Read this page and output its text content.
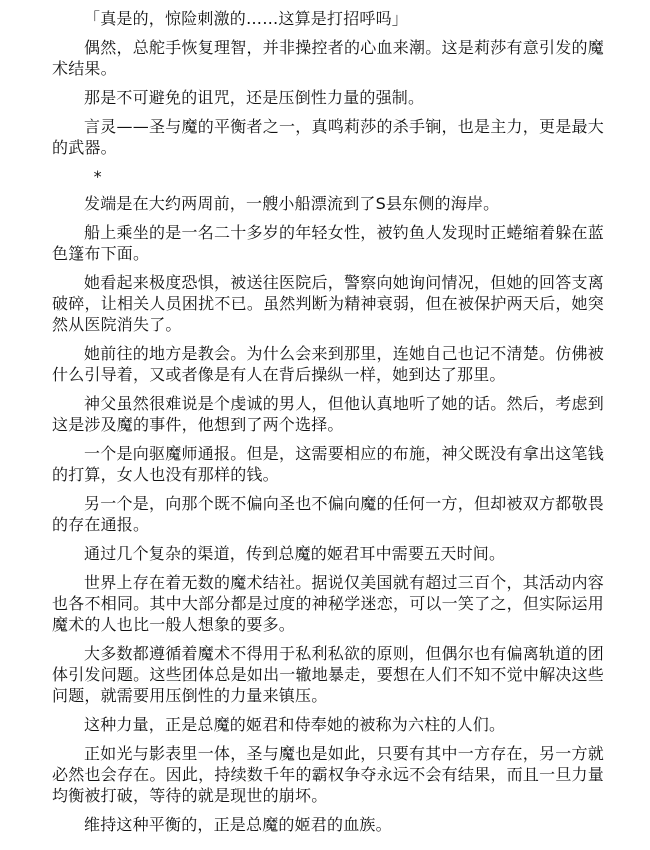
「真是的，惊险刺激的……这算是打招呼吗」

偶然，总舵手恢复理智，并非操控者的心血来潮。这是莉莎有意引发的魔术结果。

那是不可避免的诅咒，还是压倒性力量的强制。

言灵——圣与魔的平衡者之一，真鸣莉莎的杀手锏，也是主力，更是最大的武器。

*

发端是在大约两周前，一艘小船漂流到了S县东侧的海岸。

船上乘坐的是一名二十多岁的年轻女性，被钓鱼人发现时正蜷缩着躲在蓝色篷布下面。

她看起来极度恐惧，被送往医院后，警察向她询问情况，但她的回答支离破碎，让相关人员困扰不已。虽然判断为精神衰弱，但在被保护两天后，她突然从医院消失了。

她前往的地方是教会。为什么会来到那里，连她自己也记不清楚。仿佛被什么引导着，又或者像是有人在背后操纵一样，她到达了那里。

神父虽然很难说是个虔诚的男人，但他认真地听了她的话。然后，考虑到这是涉及魔的事件，他想到了两个选择。

一个是向驱魔师通报。但是，这需要相应的布施，神父既没有拿出这笔钱的打算，女人也没有那样的钱。

另一个是，向那个既不偏向圣也不偏向魔的任何一方，但却被双方都敬畏的存在通报。

通过几个复杂的渠道，传到总魔的姬君耳中需要五天时间。

世界上存在着无数的魔术结社。据说仅美国就有超过三百个，其活动内容也各不相同。其中大部分都是过度的神秘学迷恋，可以一笑了之，但实际运用魔术的人也比一般人想象的要多。

大多数都遵循着魔术不得用于私利私欲的原则，但偶尔也有偏离轨道的团体引发问题。这些团体总是如出一辙地暴走，要想在人们不知不觉中解决这些问题，就需要用压倒性的力量来镇压。

这种力量，正是总魔的姬君和侍奉她的被称为六柱的人们。

正如光与影表里一体，圣与魔也是如此，只要有其中一方存在，另一方就必然也会存在。因此，持续数千年的霸权争夺永远不会有结果，而且一旦力量均衡被打破，等待的就是现世的崩坏。

维持这种平衡的，正是总魔的姬君的血族。
